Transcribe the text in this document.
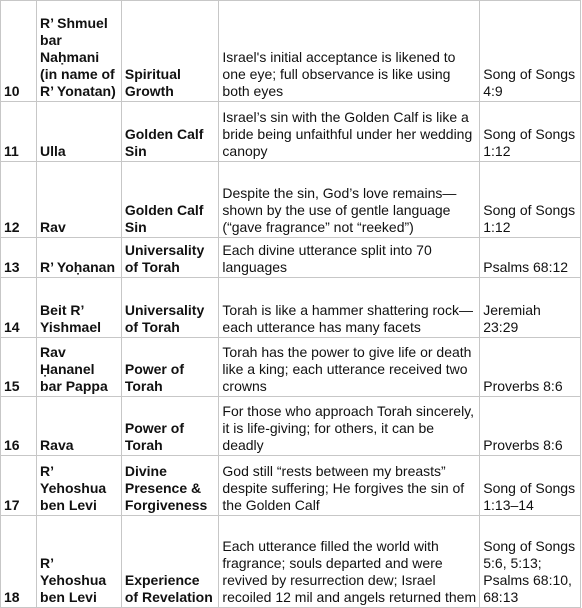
10	R’ Shmuel bar Naḥmani (in name of R’ Yonatan)	Spiritual Growth	Israel's initial acceptance is likened to one eye; full observance is like using both eyes	Song of Songs 4:9
11	Ulla	Golden Calf Sin	Israel’s sin with the Golden Calf is like a bride being unfaithful under her wedding canopy	Song of Songs 1:12
12	Rav	Golden Calf Sin	Despite the sin, God’s love remains—shown by the use of gentle language (“gave fragrance” not “reeked”)	Song of Songs 1:12
13	R’ Yoḥanan	Universality of Torah	Each divine utterance split into 70 languages	Psalms 68:12
14	Beit R’ Yishmael	Universality of Torah	Torah is like a hammer shattering rock—each utterance has many facets	Jeremiah 23:29
15	Rav Ḥananel bar Pappa	Power of Torah	Torah has the power to give life or death like a king; each utterance received two crowns	Proverbs 8:6
16	Rava	Power of Torah	For those who approach Torah sincerely, it is life-giving; for others, it can be deadly	Proverbs 8:6
17	R’ Yehoshua ben Levi	Divine Presence & Forgiveness	God still “rests between my breasts” despite suffering; He forgives the sin of the Golden Calf	Song of Songs 1:13–14
18	R’ Yehoshua ben Levi	Experience of Revelation	Each utterance filled the world with fragrance; souls departed and were revived by resurrection dew; Israel recoiled 12 mil and angels returned them	Song of Songs 5:6, 5:13; Psalms 68:10, 68:13
